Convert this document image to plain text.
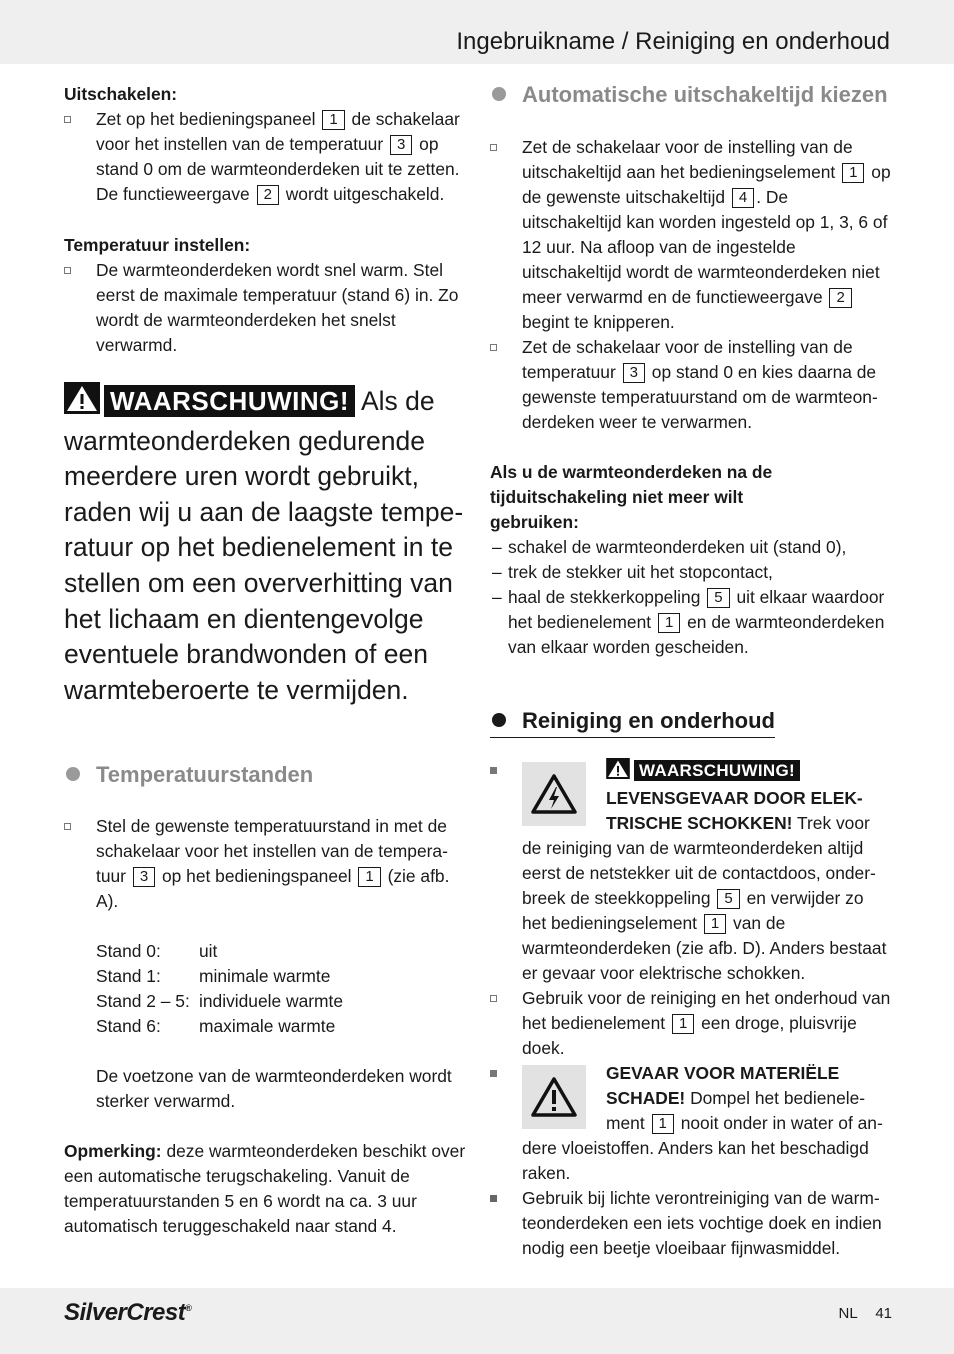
Ingebruikname / Reiniging en onderhoud

Uitschakelen:

Zet op het bedieningspaneel 1 de schakelaar voor het instellen van de temperatuur 3 op stand 0 om de warmteonderdeken uit te zetten. De functieweergave 2 wordt uitgeschakeld.

Temperatuur instellen:

De warmteonderdeken wordt snel warm. Stel eerst de maximale temperatuur (stand 6) in. Zo wordt de warmteonderdeken het snelst verwarmd.
WAARSCHUWING! Als de warmteonderdeken gedurende meerdere uren wordt gebruikt, raden wij u aan de laagste temperatuur op het bedienelement in te stellen om een oververhitting van het lichaam en dientengevolge eventuele brandwonden of een warmteberoerte te vermijden.
Temperatuurstanden
Stel de gewenste temperatuurstand in met de schakelaar voor het instellen van de temperatuur 3 op het bedieningspaneel 1 (zie afb. A).
Stand 0:	uit
Stand 1:	minimale warmte
Stand 2 – 5: individuele warmte
Stand 6:	maximale warmte
De voetzone van de warmteonderdeken wordt sterker verwarmd.
Opmerking: deze warmteonderdeken beschikt over een automatische terugschakeling. Vanuit de temperatuurstanden 5 en 6 wordt na ca. 3 uur automatisch teruggeschakeld naar stand 4.
Automatische uitschakeltijd kiezen
Zet de schakelaar voor de instelling van de uitschakeltijd aan het bedieningselement 1 op de gewenste uitschakeltijd 4 . De uitschakeltijd kan worden ingesteld op 1, 3, 6 of 12 uur. Na afloop van de ingestelde uitschakeltijd wordt de warmteonderdeken niet meer verwarmd en de functieweergave 2 begint te knipperen.
Zet de schakelaar voor de instelling van de temperatuur 3 op stand 0 en kies daarna de gewenste temperatuurstand om de warmteonderdeken weer te verwarmen.

Als u de warmteonderdeken na de tijduitschakeling niet meer wilt gebruiken:

– schakel de warmteonderdeken uit (stand 0),
– trek de stekker uit het stopcontact,
– haal de stekkerkoppeling 5 uit elkaar waardoor het bedienelement 1 en de warmteonderdeken van elkaar worden gescheiden.
Reiniging en onderhoud
WAARSCHUWING!
LEVENSGEVAAR DOOR ELEKTRISCHE SCHOKKEN! Trek voor de reiniging van de warmteonderdeken altijd eerst de netstekker uit de contactdoos, onderbreek de steekkoppeling 5 en verwijder zo het bedieningselement 1 van de warmteonderdeken (zie afb. D). Anders bestaat er gevaar voor elektrische schokken.
Gebruik voor de reiniging en het onderhoud van het bedienelement 1 een droge, pluisvrije doek.
GEVAAR VOOR MATERIËLE SCHADE! Dompel het bedienelement 1 nooit onder in water of andere vloeistoffen. Anders kan het beschadigd raken.
Gebruik bij lichte verontreiniging van de warmteonderdeken een iets vochtige doek en indien nodig een beetje vloeibaar fijnwasmiddel.
SilverCrest®	NL 41
